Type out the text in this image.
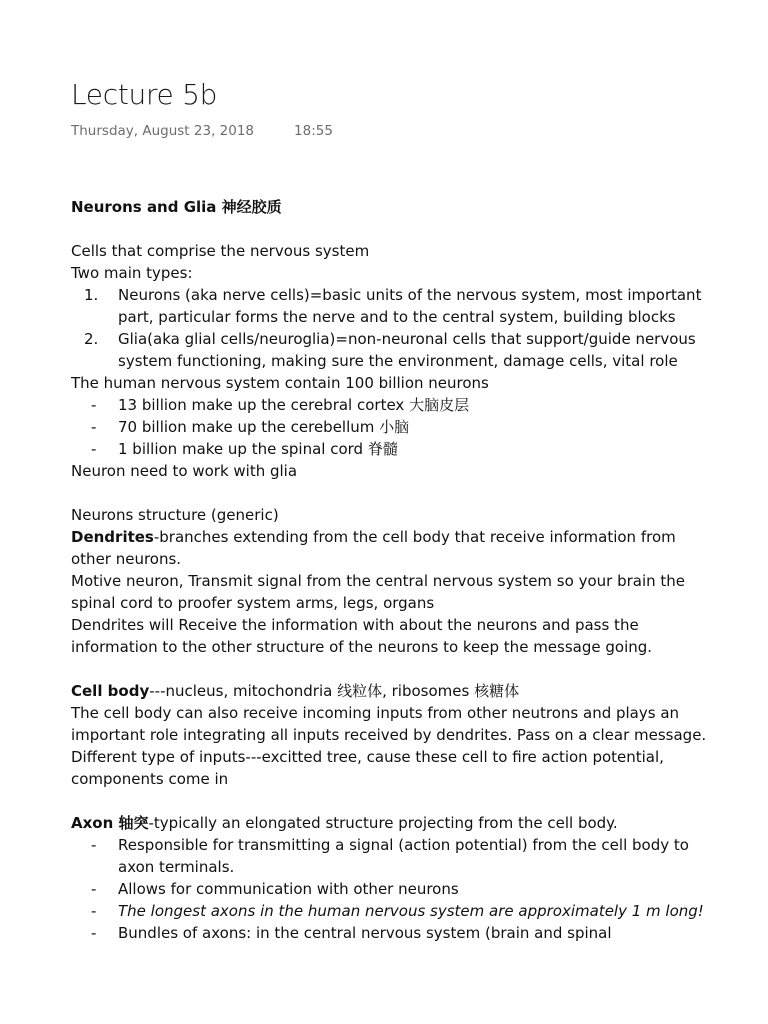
Lecture 5b
Thursday, August 23, 2018	18:55

Neurons and Glia 神经胶质

Cells that comprise the nervous system

Two main types:

1. Neurons (aka nerve cells)=basic units of the nervous system, most important

part, particular forms the nerve and to the central system, building blocks

2. Glia(aka glial cells/neuroglia)=non-neuronal cells that support/guide nervous

system functioning, making sure the environment, damage cells, vital role

The human nervous system contain 100 billion neurons

- 13 billion make up the cerebral cortex 大脑皮层

- 70 billion make up the cerebellum 小脑

- 1 billion make up the spinal cord 脊髓

Neuron need to work with glia

Neurons structure (generic)

Dendrites-branches extending from the cell body that receive information from

other neurons.

Motive neuron, Transmit signal from the central nervous system so your brain the

spinal cord to proofer system arms, legs, organs

Dendrites will Receive the information with about the neurons and pass the

information to the other structure of the neurons to keep the message going.

Cell body---nucleus, mitochondria 线粒体, ribosomes 核糖体

The cell body can also receive incoming inputs from other neutrons and plays an

important role integrating all inputs received by dendrites. Pass on a clear message.

Different type of inputs---excitted tree, cause these cell to fire action potential,

components come in

Axon 轴突-typically an elongated structure projecting from the cell body.

- Responsible for transmitting a signal (action potential) from the cell body to

axon terminals.

- Allows for communication with other neurons

- The longest axons in the human nervous system are approximately 1 m long!

- Bundles of axons: in the central nervous system (brain and spinal
